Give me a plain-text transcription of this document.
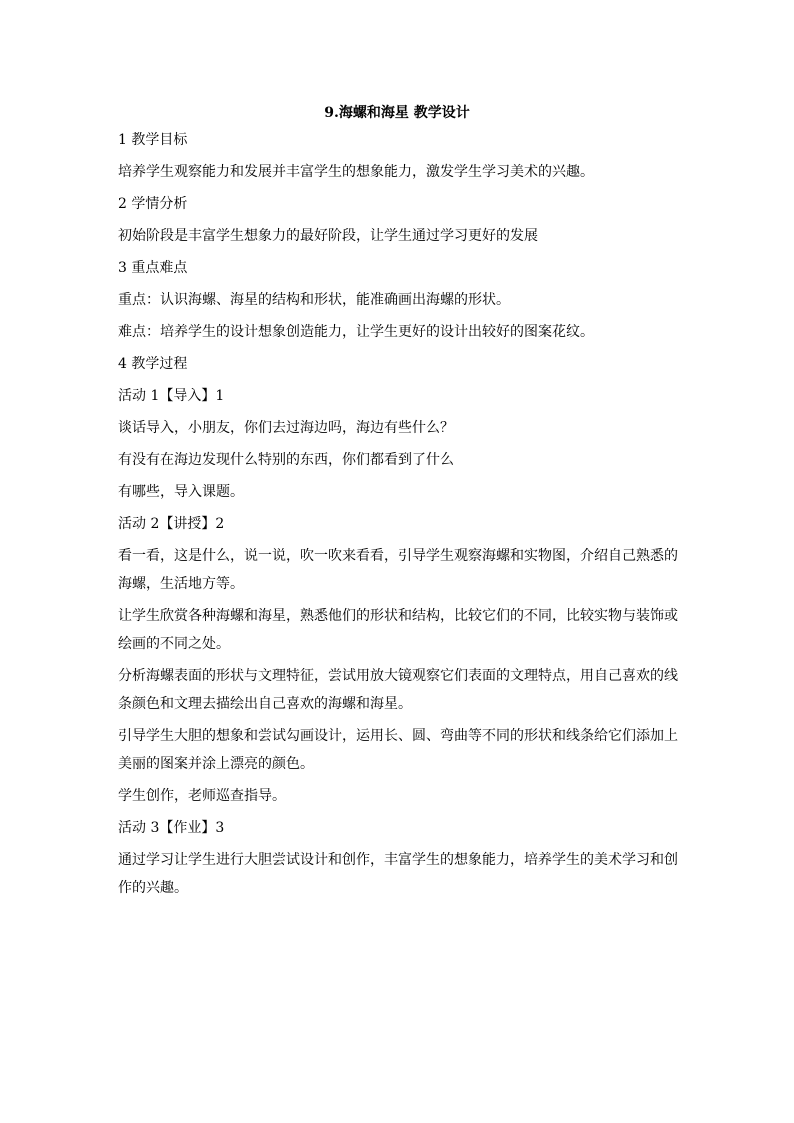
9.海螺和海星 教学设计
1 教学目标
培养学生观察能力和发展并丰富学生的想象能力，激发学生学习美术的兴趣。
2 学情分析
初始阶段是丰富学生想象力的最好阶段，让学生通过学习更好的发展
3 重点难点
重点：认识海螺、海星的结构和形状，能准确画出海螺的形状。
难点：培养学生的设计想象创造能力，让学生更好的设计出较好的图案花纹。
4 教学过程
活动 1【导入】1
谈话导入，小朋友，你们去过海边吗，海边有些什么？
有没有在海边发现什么特别的东西，你们都看到了什么
有哪些，导入课题。
活动 2【讲授】2
看一看，这是什么，说一说，吹一吹来看看，引导学生观察海螺和实物图，介绍自己熟悉的
海螺，生活地方等。
让学生欣赏各种海螺和海星，熟悉他们的形状和结构，比较它们的不同，比较实物与装饰或
绘画的不同之处。
分析海螺表面的形状与文理特征，尝试用放大镜观察它们表面的文理特点，用自己喜欢的线
条颜色和文理去描绘出自己喜欢的海螺和海星。
引导学生大胆的想象和尝试勾画设计，运用长、圆、弯曲等不同的形状和线条给它们添加上
美丽的图案并涂上漂亮的颜色。
学生创作，老师巡查指导。
活动 3【作业】3
通过学习让学生进行大胆尝试设计和创作，丰富学生的想象能力，培养学生的美术学习和创
作的兴趣。
